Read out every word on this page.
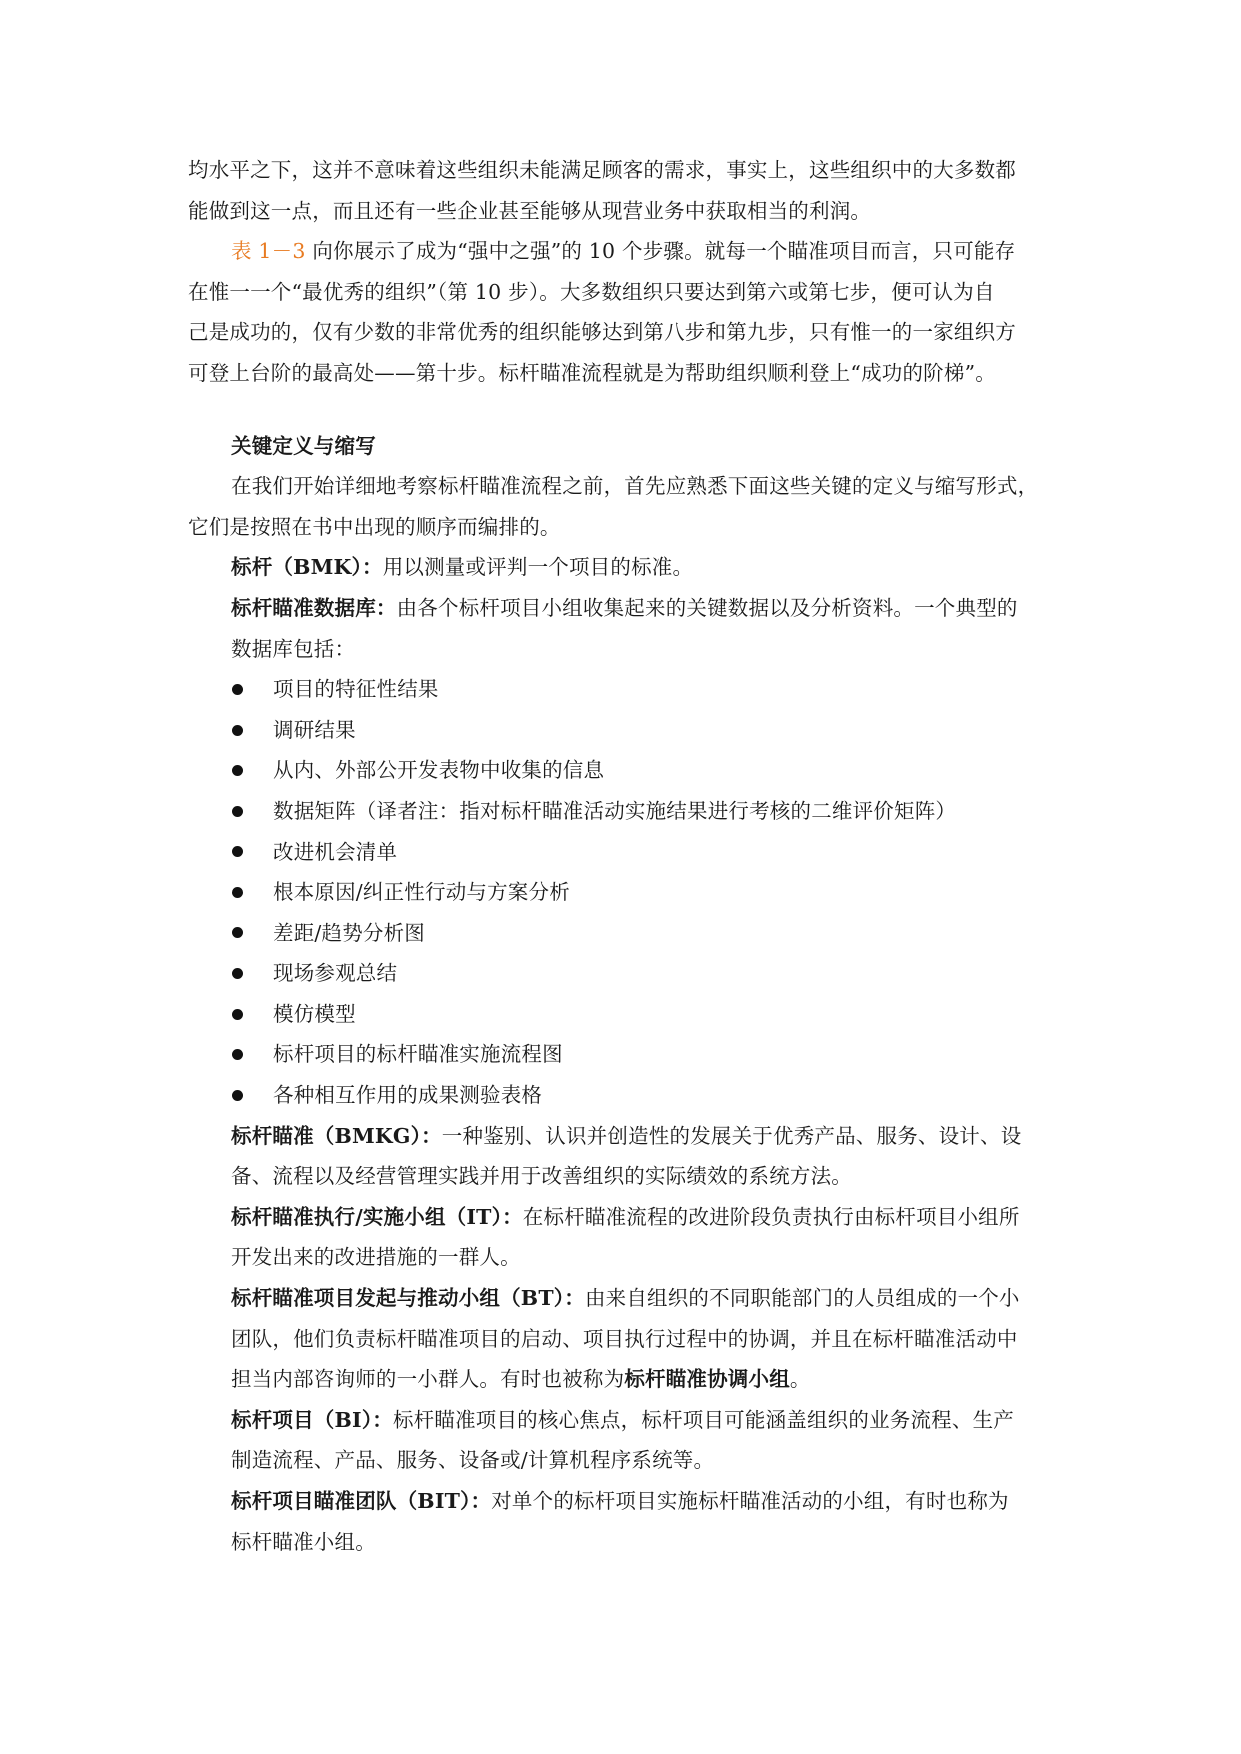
均水平之下，这并不意味着这些组织未能满足顾客的需求，事实上，这些组织中的大多数都
能做到这一点，而且还有一些企业甚至能够从现营业务中获取相当的利润。
表 1－3 向你展示了成为“强中之强”的 10 个步骤。就每一个瞄准项目而言，只可能存
在惟一一个“最优秀的组织”（第 10 步）。大多数组织只要达到第六或第七步，便可认为自
己是成功的，仅有少数的非常优秀的组织能够达到第八步和第九步，只有惟一的一家组织方
可登上台阶的最高处——第十步。标杆瞄准流程就是为帮助组织顺利登上“成功的阶梯”。
关键定义与缩写
在我们开始详细地考察标杆瞄准流程之前，首先应熟悉下面这些关键的定义与缩写形式，
它们是按照在书中出现的顺序而编排的。
标杆（BMK）：用以测量或评判一个项目的标准。
标杆瞄准数据库：由各个标杆项目小组收集起来的关键数据以及分析资料。一个典型的
数据库包括：
项目的特征性结果
调研结果
从内、外部公开发表物中收集的信息
数据矩阵（译者注：指对标杆瞄准活动实施结果进行考核的二维评价矩阵）
改进机会清单
根本原因/纠正性行动与方案分析
差距/趋势分析图
现场参观总结
模仿模型
标杆项目的标杆瞄准实施流程图
各种相互作用的成果测验表格
标杆瞄准（BMKG）：一种鉴别、认识并创造性的发展关于优秀产品、服务、设计、设
备、流程以及经营管理实践并用于改善组织的实际绩效的系统方法。
标杆瞄准执行/实施小组（IT）：在标杆瞄准流程的改进阶段负责执行由标杆项目小组所
开发出来的改进措施的一群人。
标杆瞄准项目发起与推动小组（BT）：由来自组织的不同职能部门的人员组成的一个小
团队，他们负责标杆瞄准项目的启动、项目执行过程中的协调，并且在标杆瞄准活动中
担当内部咨询师的一小群人。有时也被称为标杆瞄准协调小组。
标杆项目（BI）：标杆瞄准项目的核心焦点，标杆项目可能涵盖组织的业务流程、生产
制造流程、产品、服务、设备或/计算机程序系统等。
标杆项目瞄准团队（BIT）：对单个的标杆项目实施标杆瞄准活动的小组，有时也称为
标杆瞄准小组。
